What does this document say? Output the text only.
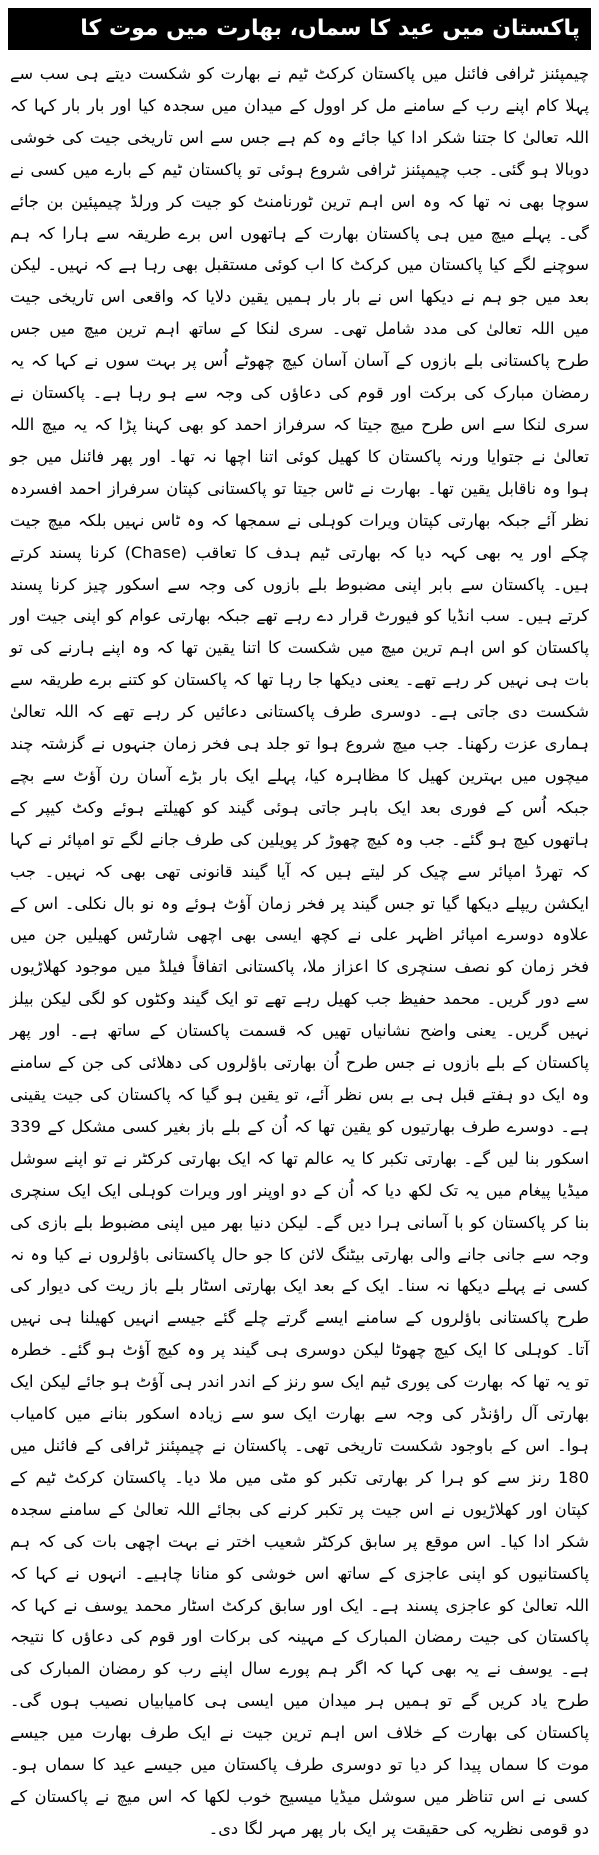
پاکستان میں عید کا سماں، بھارت میں موت کا

چیمپئنز ٹرافی فائنل میں پاکستان کرکٹ ٹیم نے بھارت کو شکست دیتے ہی سب سے پہلا کام اپنے رب کے سامنے مل کر اوول کے میدان میں سجدہ کیا اور بار بار کہا کہ اللہ تعالیٰ کا جتنا شکر ادا کیا جائے وہ کم ہے جس سے اس تاریخی جیت کی خوشی دوبالا ہو گئی۔ جب چیمپئنز ٹرافی شروع ہوئی تو پاکستان ٹیم کے بارے میں کسی نے سوچا بھی نہ تھا کہ وہ اس اہم ترین ٹورنامنٹ کو جیت کر ورلڈ چیمپئین بن جائے گی۔ پہلے میچ میں ہی پاکستان بھارت کے ہاتھوں اس برے طریقہ سے ہارا کہ ہم سوچنے لگے کیا پاکستان میں کرکٹ کا اب کوئی مستقبل بھی رہا ہے کہ نہیں۔ لیکن بعد میں جو ہم نے دیکھا اس نے بار بار ہمیں یقین دلایا کہ واقعی اس تاریخی جیت میں اللہ تعالیٰ کی مدد شامل تھی۔ سری لنکا کے ساتھ اہم ترین میچ میں جس طرح پاکستانی بلے بازوں کے آسان آسان کیچ چھوٹے اُس پر بہت سوں نے کہا کہ یہ رمضان مبارک کی برکت اور قوم کی دعاؤں کی وجہ سے ہو رہا ہے۔ پاکستان نے سری لنکا سے اس طرح میچ جیتا کہ سرفراز احمد کو بھی کہنا پڑا کہ یہ میچ اللہ تعالیٰ نے جتوایا ورنہ پاکستان کا کھیل کوئی اتنا اچھا نہ تھا۔ اور پھر فائنل میں جو ہوا وہ ناقابل یقین تھا۔ بھارت نے ٹاس جیتا تو پاکستانی کپتان سرفراز احمد افسردہ نظر آئے جبکہ بھارتی کپتان ویرات کوہلی نے سمجھا کہ وہ ٹاس نہیں بلکہ میچ جیت چکے اور یہ بھی کہہ دیا کہ بھارتی ٹیم ہدف کا تعاقب (Chase) کرنا پسند کرتے ہیں۔ پاکستان سے بابر اپنی مضبوط بلے بازوں کی وجہ سے اسکور چیز کرنا پسند کرتے ہیں۔ سب انڈیا کو فیورٹ قرار دے رہے تھے جبکہ بھارتی عوام کو اپنی جیت اور پاکستان کو اس اہم ترین میچ میں شکست کا اتنا یقین تھا کہ وہ اپنے ہارنے کی تو بات ہی نہیں کر رہے تھے۔ یعنی دیکھا جا رہا تھا کہ پاکستان کو کتنے برے طریقہ سے شکست دی جاتی ہے۔ دوسری طرف پاکستانی دعائیں کر رہے تھے کہ اللہ تعالیٰ ہماری عزت رکھنا۔ جب میچ شروع ہوا تو جلد ہی فخر زمان جنہوں نے گزشتہ چند میچوں میں بہترین کھیل کا مظاہرہ کیا، پہلے ایک بار بڑے آسان رن آؤٹ سے بچے جبکہ اُس کے فوری بعد ایک باہر جاتی ہوئی گیند کو کھیلتے ہوئے وکٹ کیپر کے ہاتھوں کیچ ہو گئے۔ جب وہ کیچ چھوڑ کر پویلین کی طرف جانے لگے تو امپائر نے کہا کہ تھرڈ امپائر سے چیک کر لیتے ہیں کہ آیا گیند قانونی تھی بھی کہ نہیں۔ جب ایکشن ریپلے دیکھا گیا تو جس گیند پر فخر زمان آؤٹ ہوئے وہ نو بال نکلی۔ اس کے علاوہ دوسرے امپائر اظہر علی نے کچھ ایسی بھی اچھی شارٹس کھیلیں جن میں فخر زمان کو نصف سنچری کا اعزاز ملا، پاکستانی اتفاقاً فیلڈ میں موجود کھلاڑیوں سے دور گریں۔ محمد حفیظ جب کھیل رہے تھے تو ایک گیند وکٹوں کو لگی لیکن بیلز نہیں گریں۔ یعنی واضح نشانیاں تھیں کہ قسمت پاکستان کے ساتھ ہے۔ اور پھر پاکستان کے بلے بازوں نے جس طرح اُن بھارتی باؤلروں کی دھلائی کی جن کے سامنے وہ ایک دو ہفتے قبل ہی بے بس نظر آئے، تو یقین ہو گیا کہ پاکستان کی جیت یقینی ہے۔ دوسرے طرف بھارتیوں کو یقین تھا کہ اُن کے بلے باز بغیر کسی مشکل کے 339 اسکور بنا لیں گے۔ بھارتی تکبر کا یہ عالم تھا کہ ایک بھارتی کرکٹر نے تو اپنے سوشل میڈیا پیغام میں یہ تک لکھ دیا کہ اُن کے دو اوپنر اور ویرات کوہلی ایک ایک سنچری بنا کر پاکستان کو با آسانی ہرا دیں گے۔ لیکن دنیا بھر میں اپنی مضبوط بلے بازی کی وجہ سے جانی جانے والی بھارتی بیٹنگ لائن کا جو حال پاکستانی باؤلروں نے کیا وہ نہ کسی نے پہلے دیکھا نہ سنا۔ ایک کے بعد ایک بھارتی اسٹار بلے باز ریت کی دیوار کی طرح پاکستانی باؤلروں کے سامنے ایسے گرتے چلے گئے جیسے انہیں کھیلنا ہی نہیں آتا۔ کوہلی کا ایک کیچ چھوٹا لیکن دوسری ہی گیند پر وہ کیچ آؤٹ ہو گئے۔ خطرہ تو یہ تھا کہ بھارت کی پوری ٹیم ایک سو رنز کے اندر اندر ہی آؤٹ ہو جائے لیکن ایک بھارتی آل راؤنڈر کی وجہ سے بھارت ایک سو سے زیادہ اسکور بنانے میں کامیاب ہوا۔ اس کے باوجود شکست تاریخی تھی۔ پاکستان نے چیمپئنز ٹرافی کے فائنل میں 180 رنز سے کو ہرا کر بھارتی تکبر کو مٹی میں ملا دیا۔ پاکستان کرکٹ ٹیم کے کپتان اور کھلاڑیوں نے اس جیت پر تکبر کرنے کی بجائے اللہ تعالیٰ کے سامنے سجدہ شکر ادا کیا۔ اس موقع پر سابق کرکٹر شعیب اختر نے بہت اچھی بات کی کہ ہم پاکستانیوں کو اپنی عاجزی کے ساتھ اس خوشی کو منانا چاہیے۔ انہوں نے کہا کہ اللہ تعالیٰ کو عاجزی پسند ہے۔ ایک اور سابق کرکٹ اسٹار محمد یوسف نے کہا کہ پاکستان کی جیت رمضان المبارک کے مہینہ کی برکات اور قوم کی دعاؤں کا نتیجہ ہے۔ یوسف نے یہ بھی کہا کہ اگر ہم پورے سال اپنے رب کو رمضان المبارک کی طرح یاد کریں گے تو ہمیں ہر میدان میں ایسی ہی کامیابیاں نصیب ہوں گی۔ پاکستان کی بھارت کے خلاف اس اہم ترین جیت نے ایک طرف بھارت میں جیسے موت کا سماں پیدا کر دیا تو دوسری طرف پاکستان میں جیسے عید کا سماں ہو۔ کسی نے اس تناظر میں سوشل میڈیا میسیج خوب لکھا کہ اس میچ نے پاکستان کے دو قومی نظریہ کی حقیقت پر ایک بار پھر مہر لگا دی۔
